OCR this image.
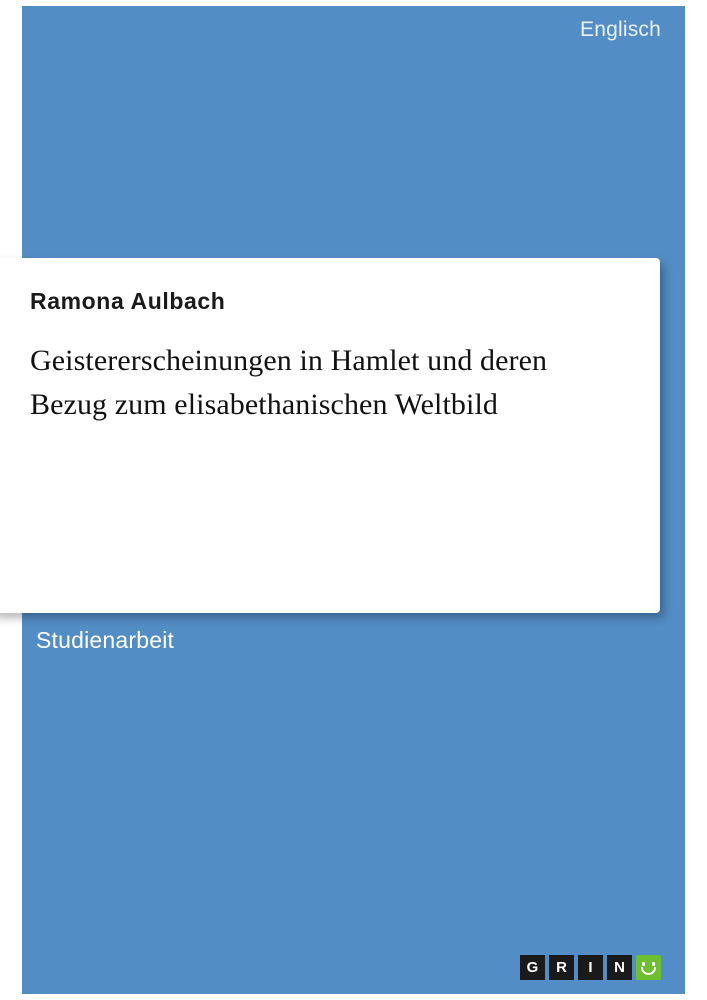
Englisch
Ramona Aulbach
Geistererscheinungen in Hamlet und deren Bezug zum elisabethanischen Weltbild
Studienarbeit
G	R	I	N
